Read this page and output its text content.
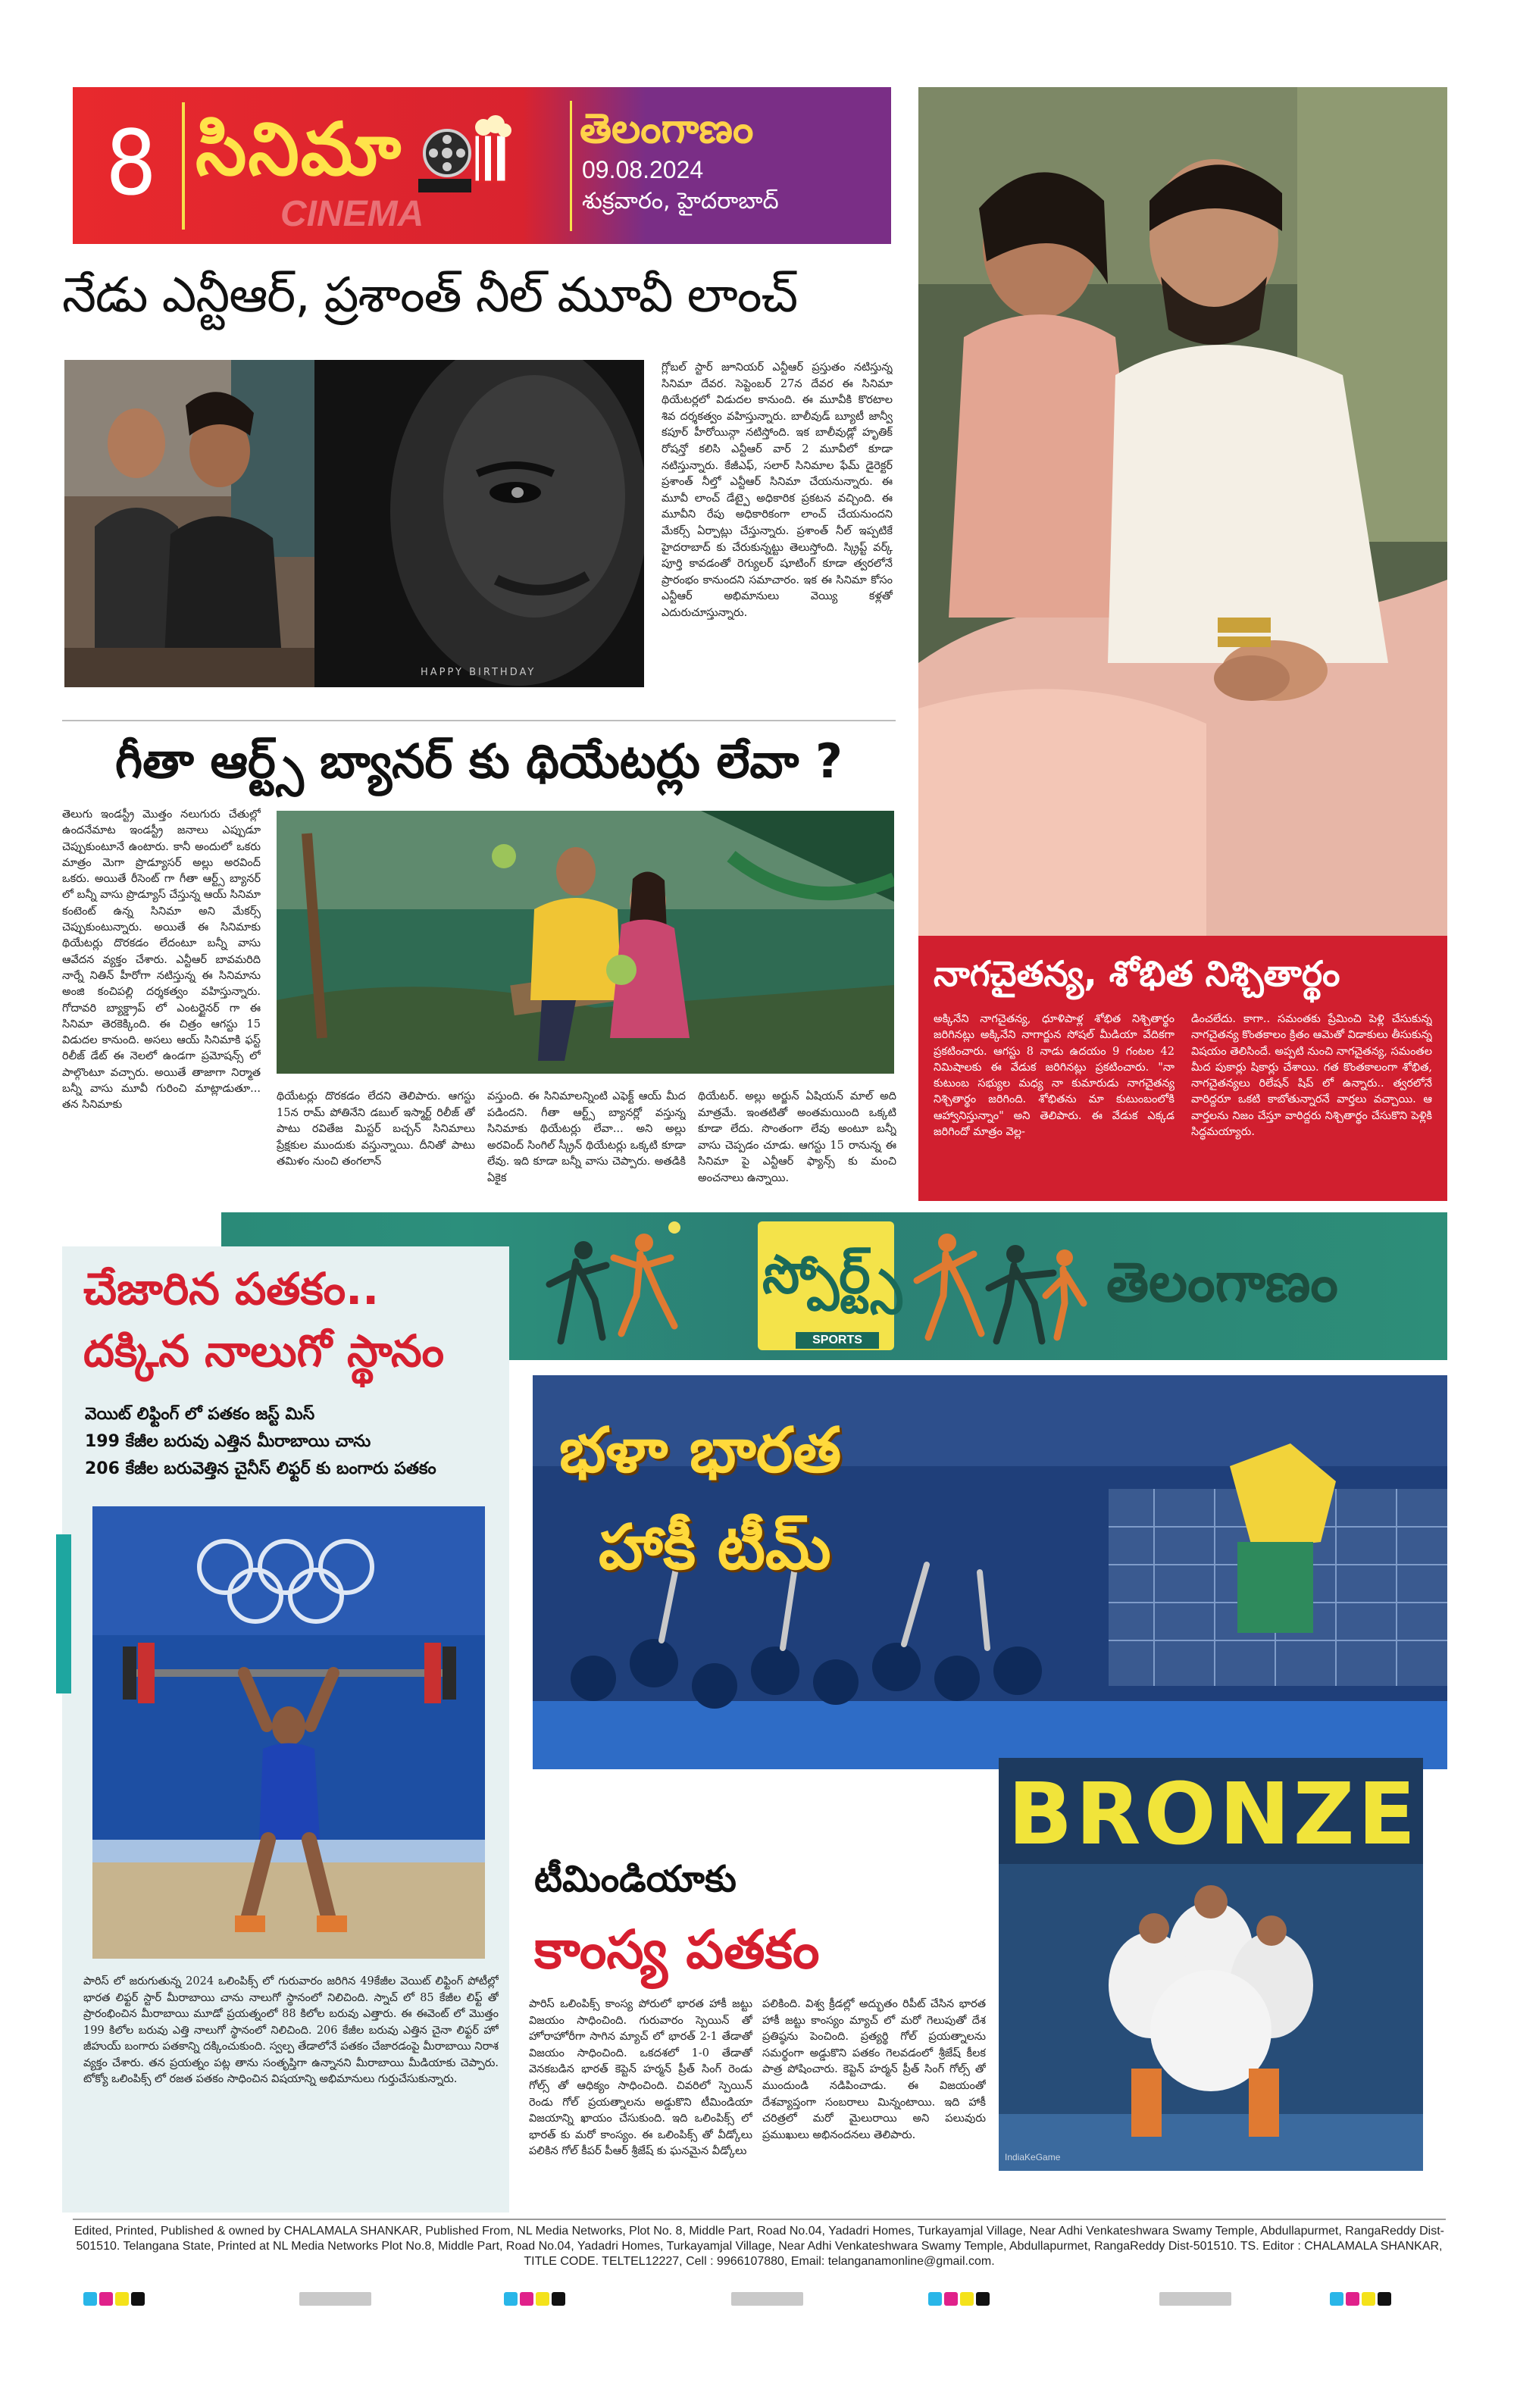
8	CINEMA
సినిమా	తెలంగాణం
09.08.2024
శుక్రవారం, హైదరాబాద్
నేడు ఎన్టీఆర్, ప్రశాంత్ నీల్ మూవీ లాంచ్
HAPPY BIRTHDAY
గ్లోబల్ స్టార్ జూనియర్ ఎన్టీఆర్ ప్రస్తుతం నటిస్తున్న సినిమా దేవర. సెప్టెంబర్ 27న దేవర ఈ సినిమా థియేటర్లలో విడుదల కానుంది. ఈ మూవీకి కొరటాల శివ దర్శకత్వం వహిస్తున్నారు. బాలీవుడ్ బ్యూటీ జాన్వీ కపూర్ హీరోయిన్గా నటిస్తోంది. ఇక బాలీవుడ్లో హృతిక్ రోషన్తో కలిసి ఎన్టీఆర్ వార్ 2 మూవీలో కూడా నటిస్తున్నారు. కేజీఎఫ్, సలార్ సినిమాల ఫేమ్ డైరెక్టర్ ప్రశాంత్ నీల్తో ఎన్టీఆర్ సినిమా చేయనున్నారు. ఈ మూవీ లాంచ్ డేట్పై అధికారిక ప్రకటన వచ్చింది. ఈ మూవీని రేపు అధికారికంగా లాంచ్ చేయనుందని మేకర్స్ ఏర్పాట్లు చేస్తున్నారు. ప్రశాంత్ నీల్ ఇప్పటికే హైదరాబాద్ కు చేరుకున్నట్టు తెలుస్తోంది. స్క్రిప్ట్ వర్క్ పూర్తి కావడంతో రెగ్యులర్ షూటింగ్ కూడా త్వరలోనే ప్రారంభం కానుందని సమాచారం. ఇక ఈ సినిమా కోసం ఎన్టీఆర్ అభిమానులు వెయ్యి కళ్లతో ఎదురుచూస్తున్నారు.
గీతా ఆర్ట్స్ బ్యానర్ కు థియేటర్లు లేవా ?
తెలుగు ఇండస్ట్రీ మొత్తం నలుగురు చేతుల్లో ఉందనేమాట ఇండస్ట్రీ జనాలు ఎప్పుడూ చెప్పుకుంటూనే ఉంటారు. కానీ అందులో ఒకరు మాత్రం మెగా ప్రొడ్యూసర్ అల్లు అరవింద్ ఒకరు. అయితే రీసెంట్ గా గీతా ఆర్ట్స్ బ్యానర్ లో బన్నీ వాసు ప్రొడ్యూస్ చేస్తున్న ఆయ్ సినిమా కంటెంట్ ఉన్న సినిమా అని మేకర్స్ చెప్పుకుంటున్నారు. అయితే ఈ సినిమాకు థియేటర్లు దొరకడం లేదంటూ బన్నీ వాసు ఆవేదన వ్యక్తం చేశారు. ఎన్టీఆర్ బావమరిది నార్నే నితిన్ హీరోగా నటిస్తున్న ఈ సినిమాను అంజి కంచిపల్లి దర్శకత్వం వహిస్తున్నారు. గోదావరి బ్యాక్డ్రాప్ లో ఎంటర్టైనర్ గా ఈ సినిమా తెరకెక్కింది. ఈ చిత్రం ఆగస్టు 15 విడుదల కానుంది. అసలు ఆయ్ సినిమాకి ఫస్ట్ రిలీజ్ డేట్ ఈ నెలలో ఉండగా ప్రమోషన్స్ లో పాల్గొంటూ వచ్చారు. అయితే తాజాగా నిర్మాత బన్నీ వాసు మూవీ గురించి మాట్లాడుతూ... తన సినిమాకు
థియేటర్లు దొరకడం లేదని తెలిపారు. ఆగస్టు 15న రామ్ పోతినేని డబుల్ ఇస్మార్ట్ రిలీజ్ తో పాటు రవితేజ మిస్టర్ బచ్చన్ సినిమాలు ప్రేక్షకుల ముందుకు వస్తున్నాయి. దీనితో పాటు తమిళం నుంచి తంగలాన్
వస్తుంది. ఈ సినిమాలన్నింటి ఎఫెక్ట్ ఆయ్ మీద పడిందని. గీతా ఆర్ట్స్ బ్యానర్లో వస్తున్న సినిమాకు థియేటర్లు లేవా... అని అల్లు అరవింద్ సింగిల్ స్క్రీన్ థియేటర్లు ఒక్కటి కూడా లేవు. ఇది కూడా బన్నీ వాసు చెప్పారు. అతడికి ఏకైక
థియేటర్. అల్లు అర్జున్ ఏషియన్ మాల్ అది మాత్రమే. ఇంతటితో అంతమయింది ఒక్కటి కూడా లేదు. సొంతంగా లేవు అంటూ బన్నీ వాసు చెప్పడం చూడు. ఆగస్టు 15 రానున్న ఈ సినిమా పై ఎన్టీఆర్ ఫ్యాన్స్ కు మంచి అంచనాలు ఉన్నాయి.
నాగచైతన్య, శోభిత నిశ్చితార్థం
అక్కినేని నాగచైతన్య, ధూళిపాళ్ల శోభిత నిశ్చితార్థం జరిగినట్లు అక్కినేని నాగార్జున సోషల్ మీడియా వేదికగా ప్రకటించారు. ఆగస్టు 8 నాడు ఉదయం 9 గంటల 42 నిమిషాలకు ఈ వేడుక జరిగినట్లు ప్రకటించారు. "నా కుటుంబ సభ్యుల మధ్య నా కుమారుడు నాగచైతన్య నిశ్చితార్థం జరిగింది. శోభితను మా కుటుంబంలోకి ఆహ్వానిస్తున్నాం" అని తెలిపారు. ఈ వేడుక ఎక్కడ జరిగిందో మాత్రం వెల్ల-
డించలేదు. కాగా.. సమంతకు ప్రేమించి పెళ్లి చేసుకున్న నాగచైతన్య కొంతకాలం క్రితం ఆమెతో విడాకులు తీసుకున్న విషయం తెలిసిందే. అప్పటి నుంచి నాగచైతన్య, సమంతల మీద పుకార్లు షికార్లు చేశాయి. గత కొంతకాలంగా శోభిత, నాగచైతన్యలు రిలేషన్ షిప్ లో ఉన్నారు.. త్వరలోనే వారిద్దరూ ఒకటి కాబోతున్నారనే వార్తలు వచ్చాయి. ఆ వార్తలను నిజం చేస్తూ వారిద్దరు నిశ్చితార్థం చేసుకొని పెళ్లికి సిద్ధమయ్యారు.
స్పోర్ట్స్
SPORTS
తెలంగాణం
చేజారిన పతకం..
దక్కిన నాలుగో స్థానం
వెయిట్ లిఫ్టింగ్ లో పతకం జస్ట్ మిస్
199 కేజీల బరువు ఎత్తిన మీరాబాయి చాను
206 కేజీల బరువెత్తిన చైనీస్ లిఫ్టర్ కు బంగారు పతకం
పారిస్ లో జరుగుతున్న 2024 ఒలింపిక్స్ లో గురువారం జరిగిన 49కేజీల వెయిట్ లిఫ్టింగ్ పోటీల్లో భారత లిఫ్టర్ స్టార్ మీరాబాయి చాను నాలుగో స్థానంలో నిలిచింది. స్నాచ్ లో 85 కేజీల లిఫ్ట్ తో ప్రారంభించిన మీరాబాయి మూడో ప్రయత్నంలో 88 కిలోల బరువు ఎత్తారు. ఈ ఈవెంట్ లో మొత్తం 199 కిలోల బరువు ఎత్తి నాలుగో స్థానంలో నిలిచింది. 206 కేజీల బరువు ఎత్తిన చైనా లిఫ్టర్ హో జీహుయ్ బంగారు పతకాన్ని దక్కించుకుంది. స్వల్ప తేడాలోనే పతకం చేజారడంపై మీరాబాయి నిరాశ వ్యక్తం చేశారు. తన ప్రయత్నం పట్ల తాను సంతృప్తిగా ఉన్నానని మీరాబాయి మీడియాకు చెప్పారు. టోక్యో ఒలింపిక్స్ లో రజత పతకం సాధించిన విషయాన్ని అభిమానులు గుర్తుచేసుకున్నారు.
భళా భారత
హాకీ టీమ్
BRONZE
IndiaKeGame
టీమిండియాకు
కాంస్య పతకం
పారిస్ ఒలింపిక్స్ కాంస్య పోరులో భారత హాకీ జట్టు విజయం సాధించింది. గురువారం స్పెయిన్ తో హోరాహోరీగా సాగిన మ్యాచ్ లో భారత్ 2-1 తేడాతో విజయం సాధించింది. ఒకదశలో 1-0 తేడాతో వెనకబడిన భారత్ కెప్టెన్ హర్మన్ ప్రీత్ సింగ్ రెండు గోల్స్ తో ఆధిక్యం సాధించింది. చివరిలో స్పెయిన్ రెండు గోల్ ప్రయత్నాలను అడ్డుకొని టీమిండియా విజయాన్ని ఖాయం చేసుకుంది. ఇది ఒలింపిక్స్ లో భారత్ కు మరో కాంస్యం. ఈ ఒలింపిక్స్ తో వీడ్కోలు పలికిన గోల్ కీపర్ పీఆర్ శ్రీజేష్ కు ఘనమైన వీడ్కోలు
పలికింది. విశ్వ క్రీడల్లో అద్భుతం రిపీట్ చేసిన భారత హాకీ జట్టు కాంస్యం మ్యాచ్ లో మరో గెలుపుతో దేశ ప్రతిష్ఠను పెంచింది. ప్రత్యర్థి గోల్ ప్రయత్నాలను సమర్థంగా అడ్డుకొని పతకం గెలవడంలో శ్రీజేష్ కీలక పాత్ర పోషించారు. కెప్టెన్ హర్మన్ ప్రీత్ సింగ్ గోల్స్ తో ముందుండి నడిపించాడు. ఈ విజయంతో దేశవ్యాప్తంగా సంబరాలు మిన్నంటాయి. ఇది హాకీ చరిత్రలో మరో మైలురాయి అని పలువురు ప్రముఖులు అభినందనలు తెలిపారు.
Edited, Printed, Published & owned by CHALAMALA SHANKAR, Published From, NL Media Networks, Plot No. 8, Middle Part, Road No.04, Yadadri Homes, Turkayamjal Village, Near Adhi Venkateshwara Swamy Temple, Abdullapurmet, RangaReddy Dist-501510. Telangana State, Printed at NL Media Networks Plot No.8, Middle Part, Road No.04, Yadadri Homes, Turkayamjal Village, Near Adhi Venkateshwara Swamy Temple, Abdullapurmet, RangaReddy Dist-501510. TS. Editor : CHALAMALA SHANKAR, TITLE CODE. TELTEL12227, Cell : 9966107880, Email: telanganamonline@gmail.com.
